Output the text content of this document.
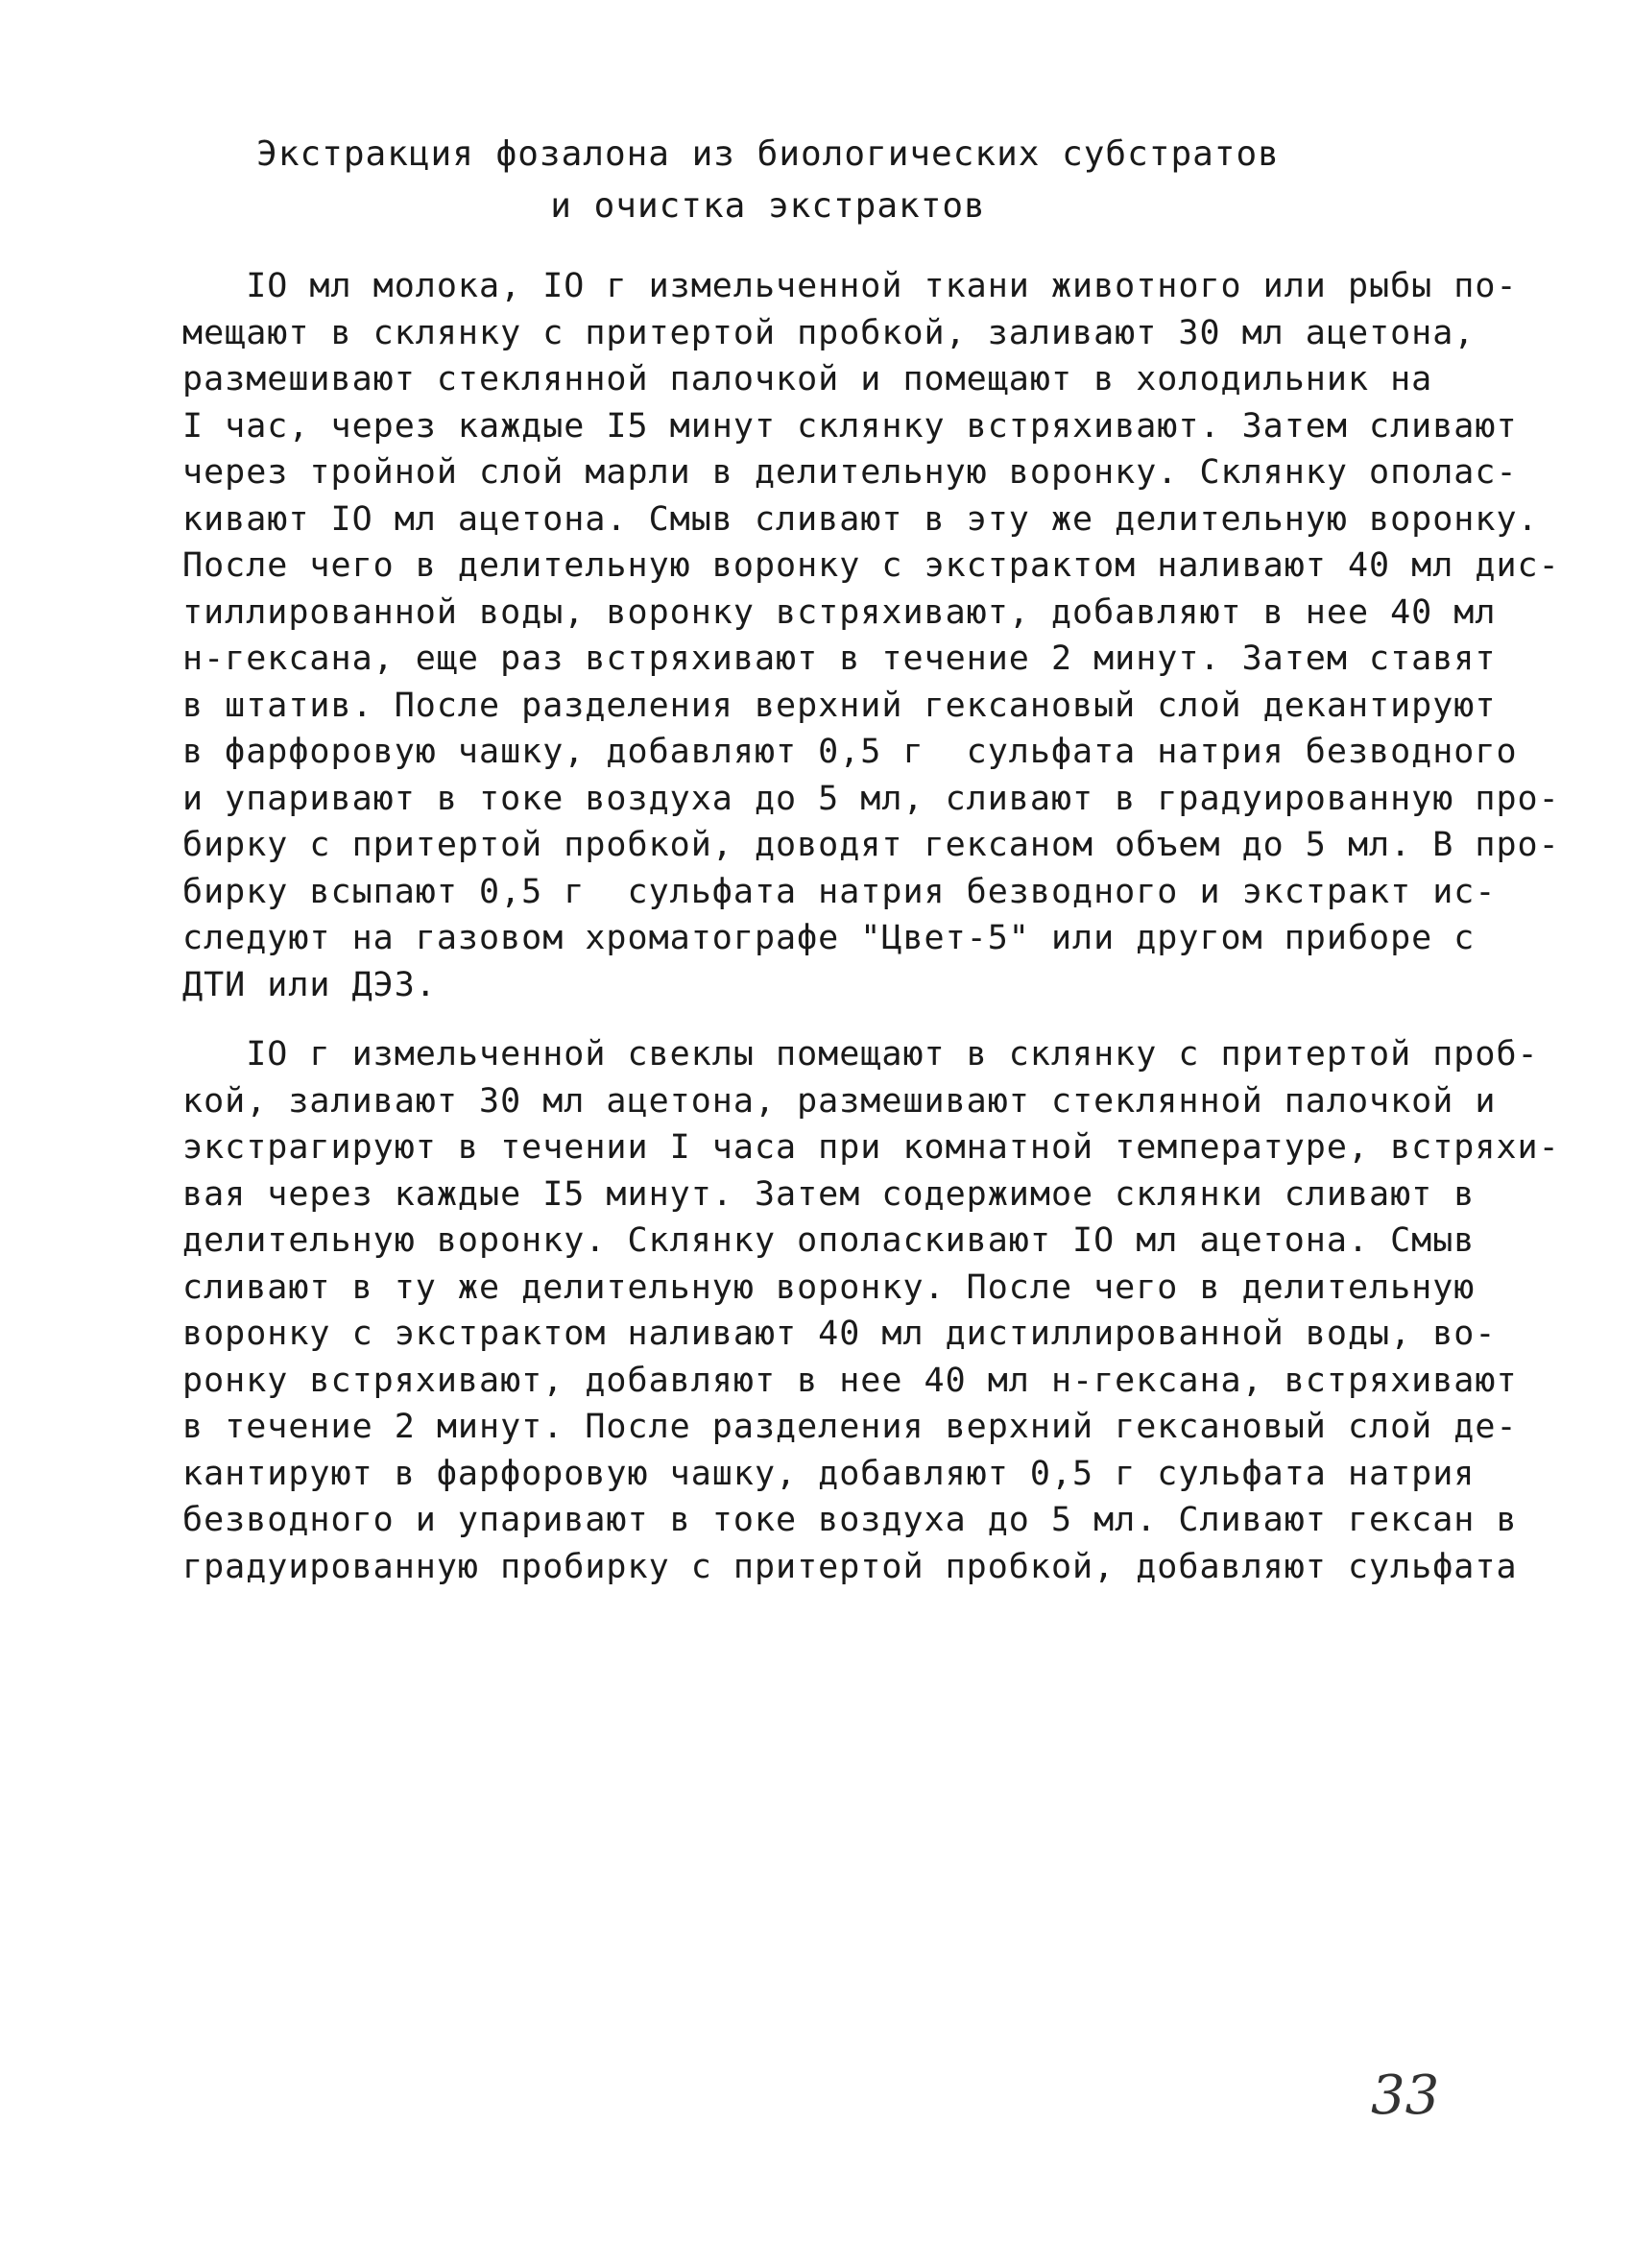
Экстракция фозалона из биологических субстратов
и очистка экстрактов
IO мл молока, IO г измельченной ткани животного или рыбы по-
мещают в склянку с притертой пробкой, заливают 30 мл ацетона,
размешивают стеклянной палочкой и помещают в холодильник на
I час, через каждые I5 минут склянку встряхивают. Затем сливают
через тройной слой марли в делительную воронку. Склянку ополас-
кивают IO мл ацетона. Смыв сливают в эту же делительную воронку.
После чего в делительную воронку с экстрактом наливают 40 мл дис-
тиллированной воды, воронку встряхивают, добавляют в нее 40 мл
н-гексана, еще раз встряхивают в течение 2 минут. Затем ставят
в штатив. После разделения верхний гексановый слой декантируют
в фарфоровую чашку, добавляют 0,5 г  сульфата натрия безводного
и упаривают в токе воздуха до 5 мл, сливают в градуированную про-
бирку с притертой пробкой, доводят гексаном объем до 5 мл. В про-
бирку всыпают 0,5 г  сульфата натрия безводного и экстракт ис-
следуют на газовом хроматографе "Цвет-5" или другом приборе с
ДТИ или ДЭЗ.
IO г измельченной свеклы помещают в склянку с притертой проб-
кой, заливают 30 мл ацетона, размешивают стеклянной палочкой и
экстрагируют в течении I часа при комнатной температуре, встряхи-
вая через каждые I5 минут. Затем содержимое склянки сливают в
делительную воронку. Склянку ополаскивают IO мл ацетона. Смыв
сливают в ту же делительную воронку. После чего в делительную
воронку с экстрактом наливают 40 мл дистиллированной воды, во-
ронку встряхивают, добавляют в нее 40 мл н-гексана, встряхивают
в течение 2 минут. После разделения верхний гексановый слой де-
кантируют в фарфоровую чашку, добавляют 0,5 г сульфата натрия
безводного и упаривают в токе воздуха до 5 мл. Сливают гексан в
градуированную пробирку с притертой пробкой, добавляют сульфата
33
